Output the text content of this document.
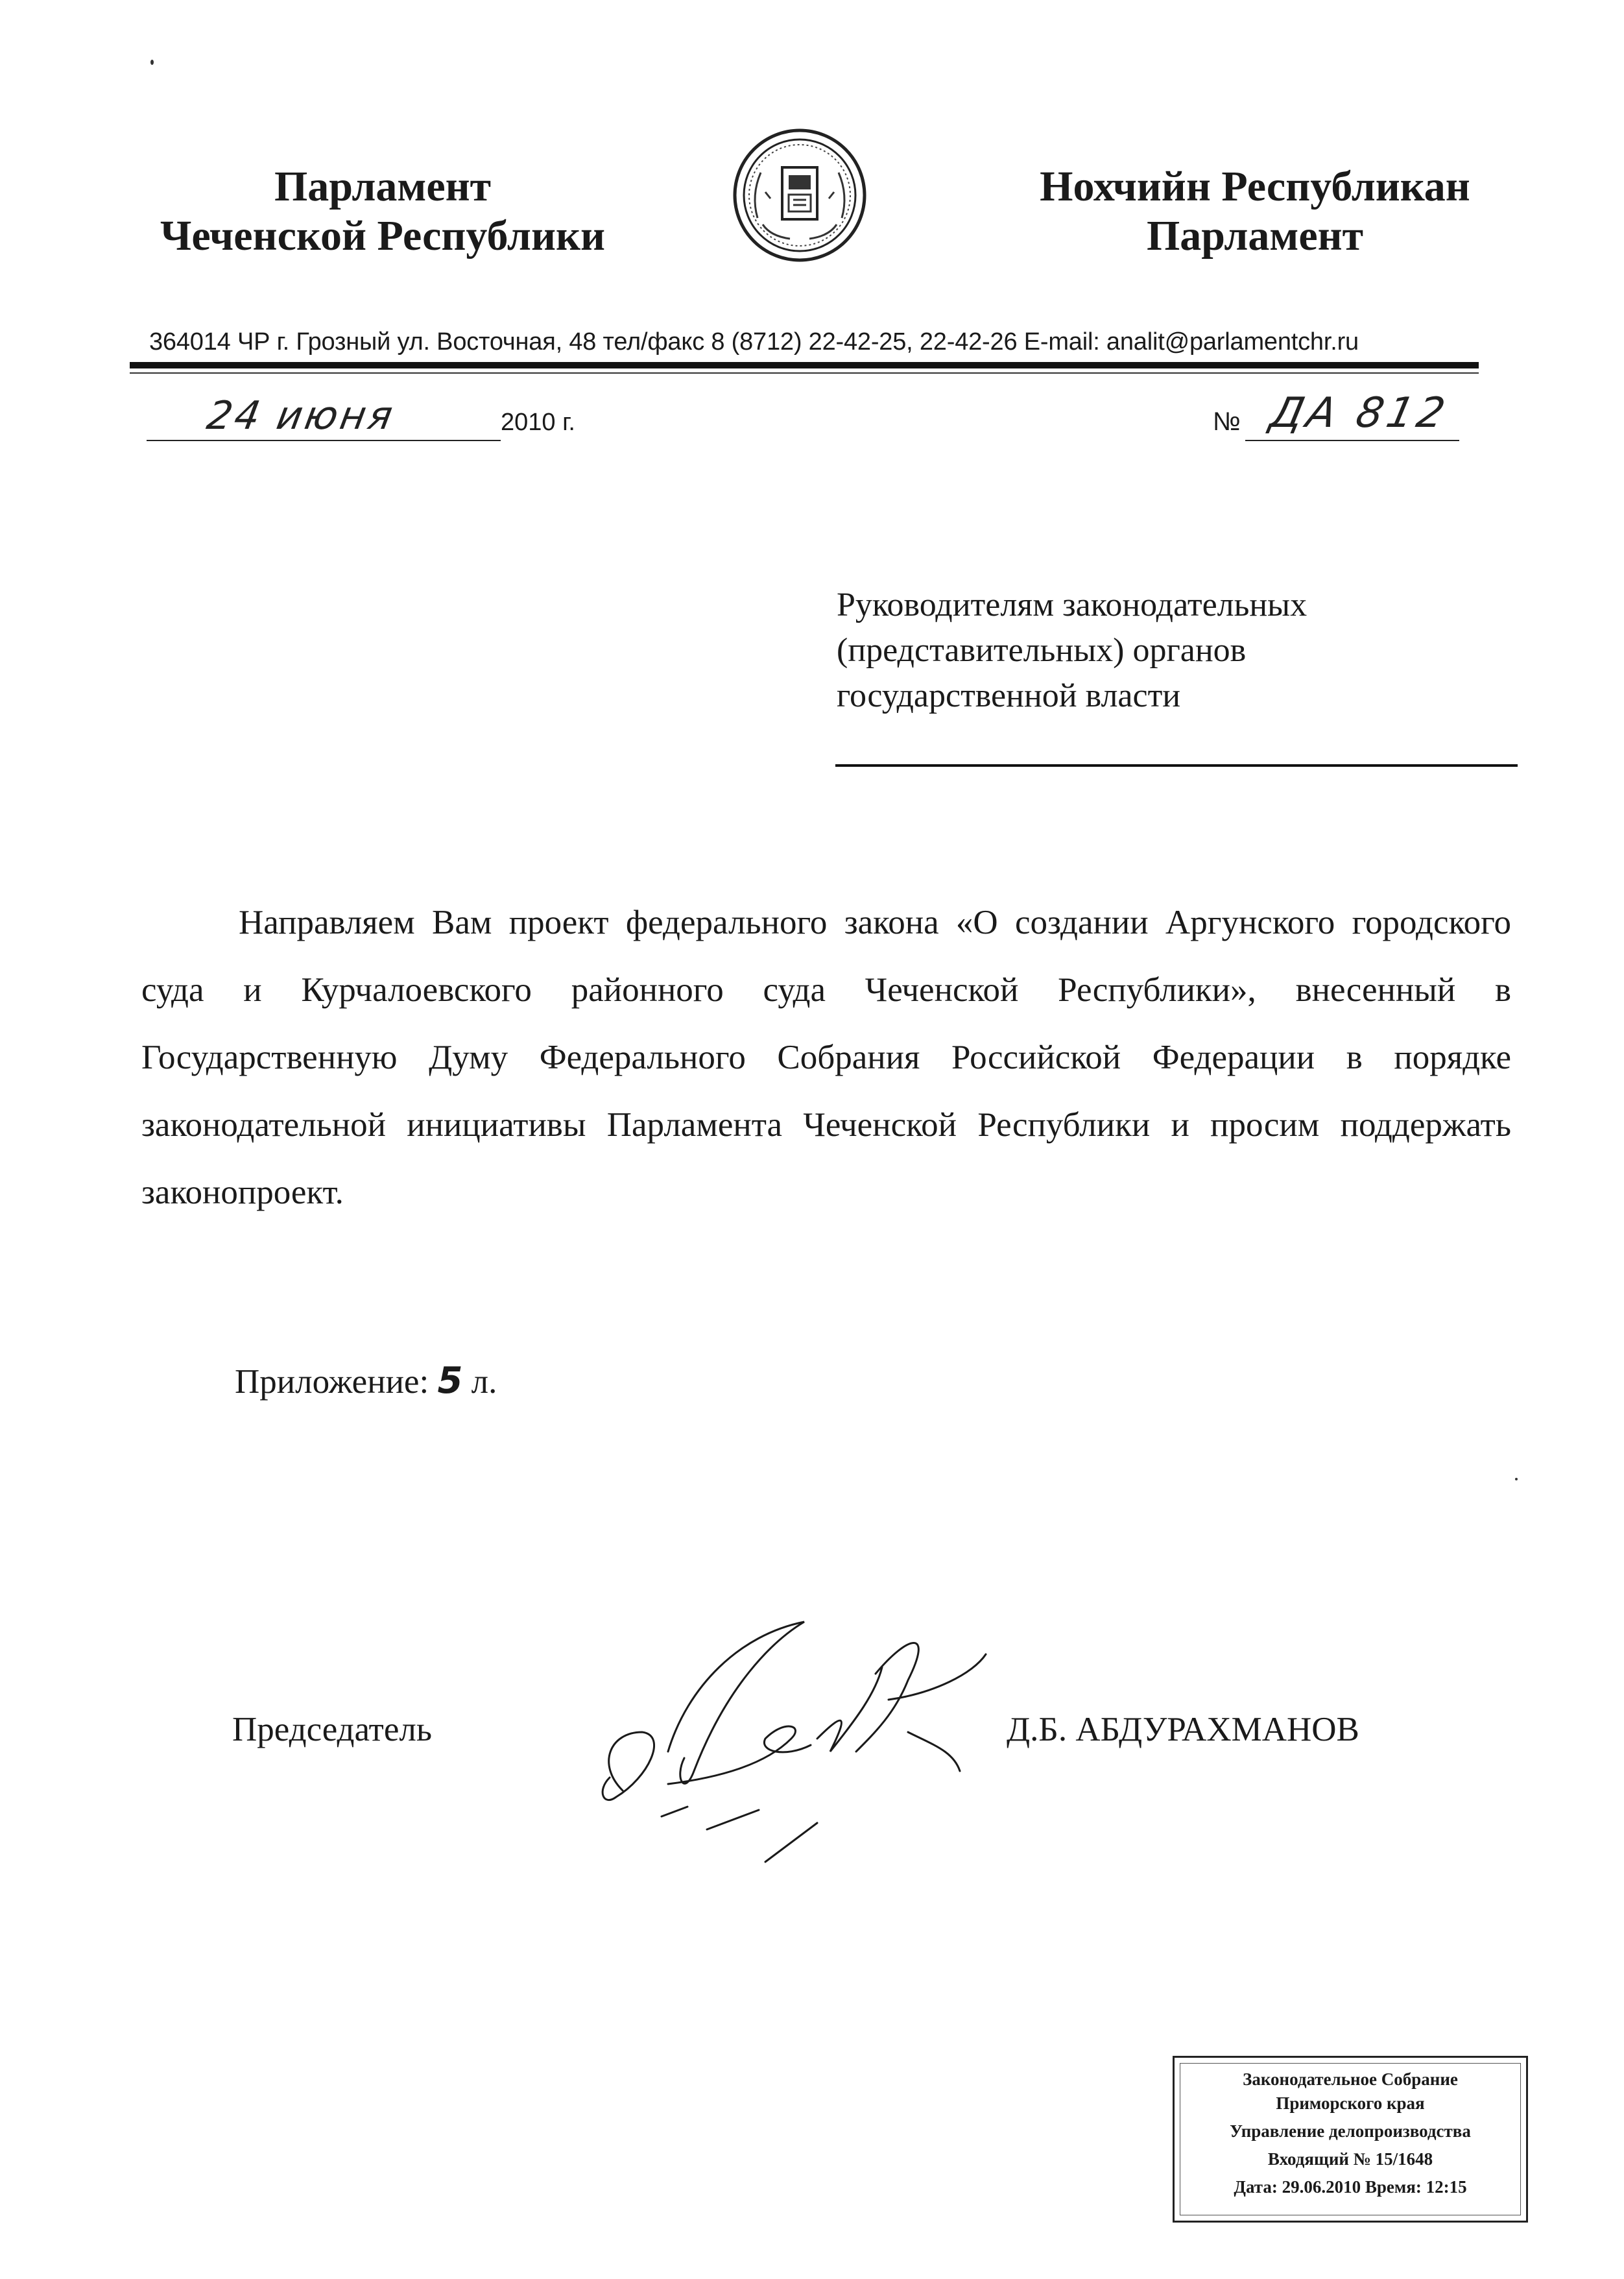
Парламент
Чеченской Республики
Нохчийн Республикан
Парламент
364014 ЧР г. Грозный ул. Восточная, 48 тел/факс 8 (8712) 22-42-25, 22-42-26 E-mail: analit@parlamentchr.ru
24 июня	2010 г.	№ ДА 812
Руководителям законодательных
(представительных) органов
государственной власти
Направляем Вам проект федерального закона «О создании Аргунского городского суда и Курчалоевского районного суда Чеченской Республики», внесенный в Государственную Думу Федерального Собрания Российской Федерации в порядке законодательной инициативы Парламента Чеченской Республики и просим поддержать законопроект.
Приложение: 5 л.
Председатель	Д.Б. АБДУРАХМАНОВ
Законодательное Собрание
Приморского края
Управление делопроизводства
Входящий № 15/1648
Дата: 29.06.2010 Время: 12:15
